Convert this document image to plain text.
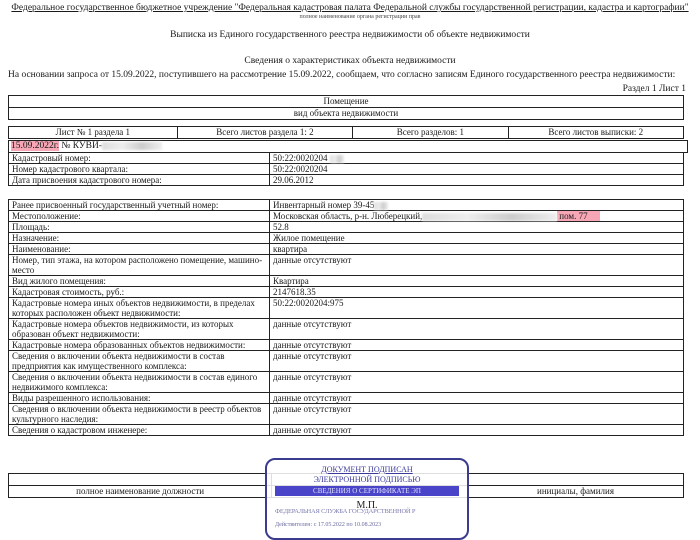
Федеральное государственное бюджетное учреждение "Федеральная кадастровая палата Федеральной службы государственной регистрации, кадастра и картографии"
полное наименование органа регистрации прав
Выписка из Единого государственного реестра недвижимости об объекте недвижимости
Сведения о характеристиках объекта недвижимости
На основании запроса от 15.09.2022, поступившего на рассмотрение 15.09.2022, сообщаем, что согласно записям Единого государственного реестра недвижимости:
Раздел 1 Лист 1
Помещение
вид объекта недвижимости
Лист № 1 раздела 1	Всего листов раздела 1: 2	Всего разделов: 1	Всего листов выписки: 2
15.09.2022г. № КУВИ-
Кадастровый номер:	50:22:0020204
Номер кадастрового квартала:	50:22:0020204
Дата присвоения кадастрового номера:	29.06.2012
Ранее присвоенный государственный учетный номер:	Инвентарный номер 39-45
Местоположение:	Московская область, р-н. Люберецкий, пом. 77
Площадь:	52.8
Назначение:	Жилое помещение
Наименование:	квартира
Номер, тип этажа, на котором расположено помещение, машино-место	данные отсутствуют
Вид жилого помещения:	Квартира
Кадастровая стоимость, руб.:	2147618.35
Кадастровые номера иных объектов недвижимости, в пределах которых расположен объект недвижимости:	50:22:0020204:975
Кадастровые номера объектов недвижимости, из которых образован объект недвижимости:	данные отсутствуют
Кадастровые номера образованных объектов недвижимости:	данные отсутствуют
Сведения о включении объекта недвижимости в состав предприятия как имущественного комплекса:	данные отсутствуют
Сведения о включении объекта недвижимости в состав единого недвижимого комплекса:	данные отсутствуют
Виды разрешенного использования:	данные отсутствуют
Сведения о включении объекта недвижимости в реестр объектов культурного наследия:	данные отсутствуют
Сведения о кадастровом инженере:	данные отсутствуют

полное наименование должности		инициалы, фамилия
ДОКУМЕНТ ПОДПИСАН
ЭЛЕКТРОННОЙ ПОДПИСЬЮ
СВЕДЕНИЯ О СЕРТИФИКАТЕ ЭП
М.П.
ФЕДЕРАЛЬНАЯ СЛУЖБА ГОСУДАРСТВЕННОЙ Р
Действителен: с 17.05.2022 по 10.08.2023
